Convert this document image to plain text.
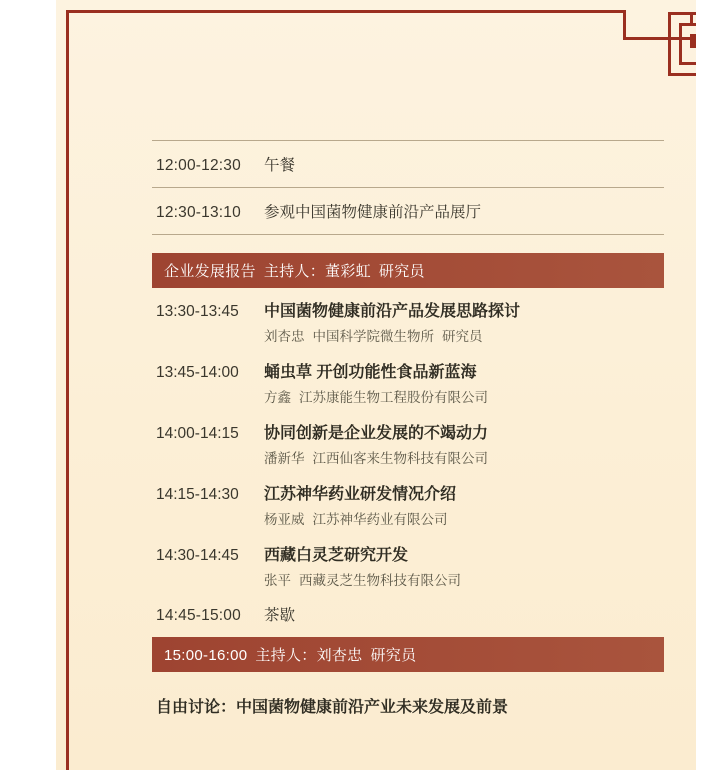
12:00-12:30	午餐
12:30-13:10	参观中国菌物健康前沿产品展厅
企业发展报告 主持人：董彩虹 研究员
13:30-13:45	中国菌物健康前沿产品发展思路探讨
刘杏忠 中国科学院微生物所 研究员
13:45-14:00	蛹虫草 开创功能性食品新蓝海
方鑫 江苏康能生物工程股份有限公司
14:00-14:15	协同创新是企业发展的不竭动力
潘新华 江西仙客来生物科技有限公司
14:15-14:30	江苏神华药业研发情况介绍
杨亚威 江苏神华药业有限公司
14:30-14:45	西藏白灵芝研究开发
张平 西藏灵芝生物科技有限公司
14:45-15:00	茶歇
15:00-16:00 主持人：刘杏忠 研究员
自由讨论：中国菌物健康前沿产业未来发展及前景
